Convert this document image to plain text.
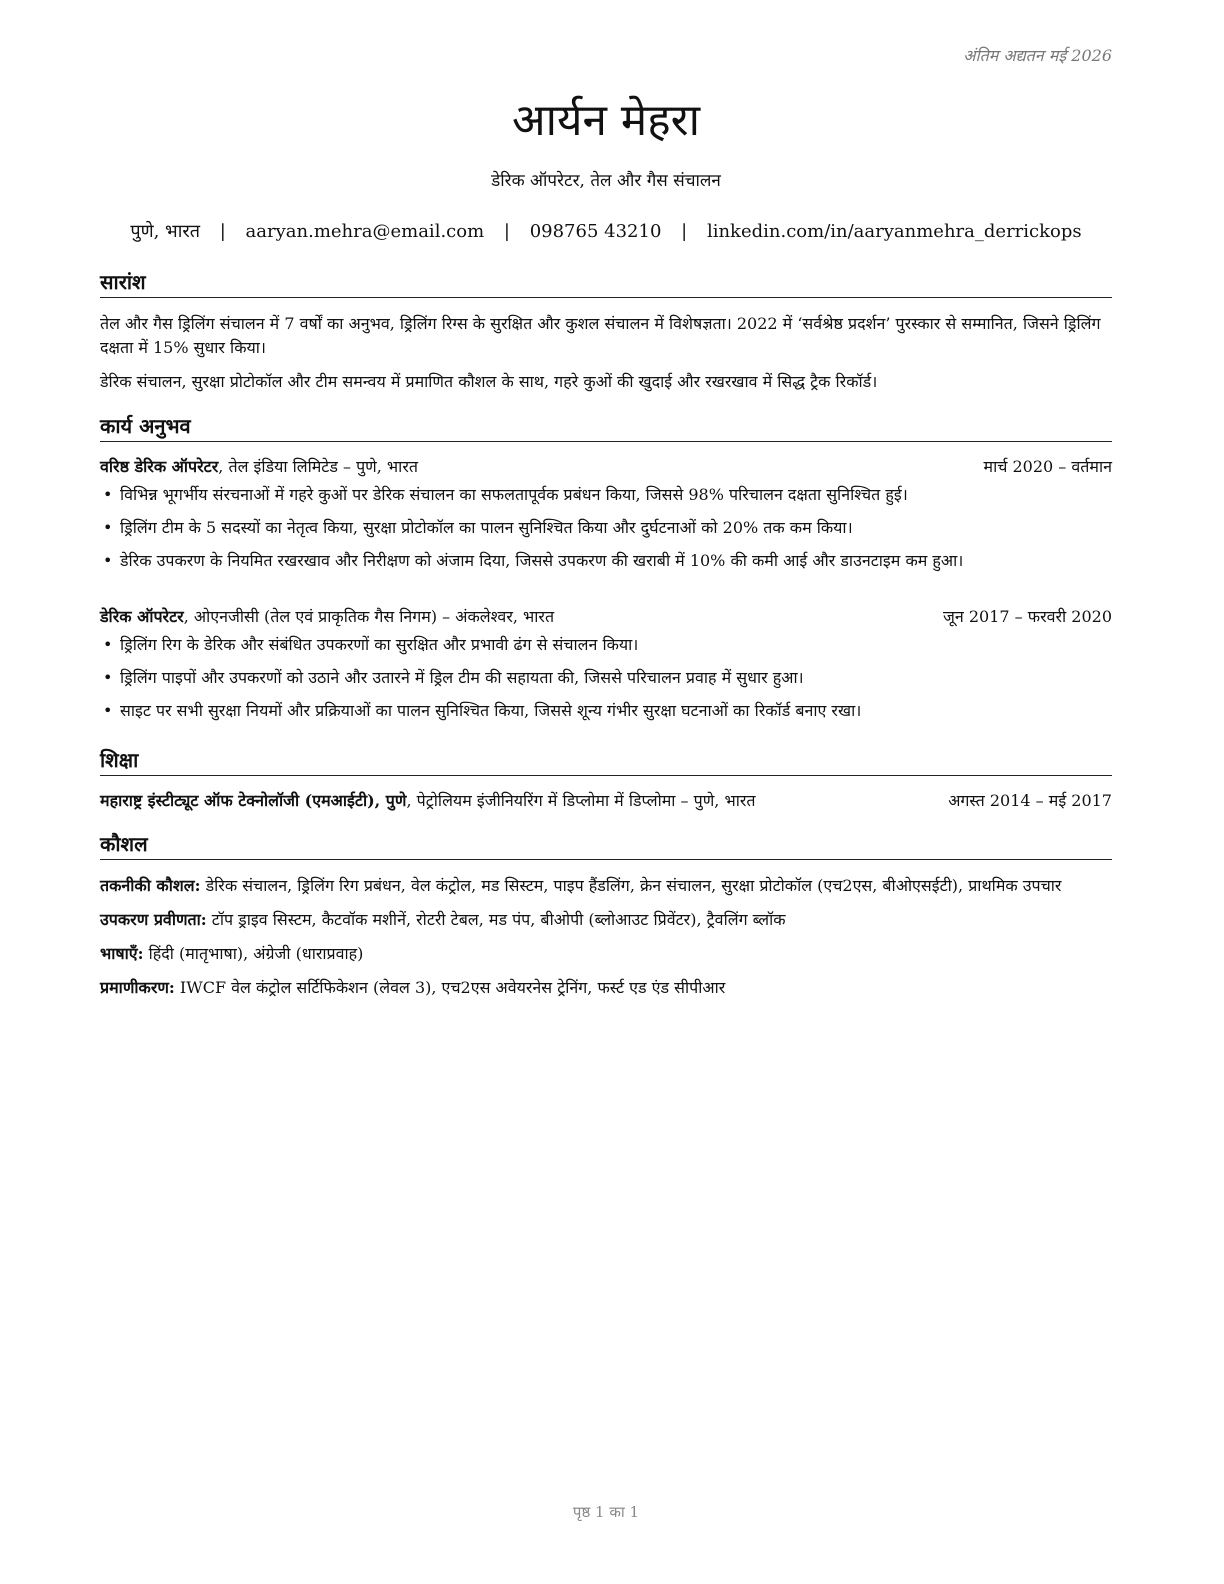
अंतिम अद्यतन मई 2026
आर्यन मेहरा
डेरिक ऑपरेटर, तेल और गैस संचालन
पुणे, भारत | aaryan.mehra@email.com | 098765 43210 | linkedin.com/in/aaryanmehra_derrickops
सारांश

तेल और गैस ड्रिलिंग संचालन में 7 वर्षों का अनुभव, ड्रिलिंग रिग्स के सुरक्षित और कुशल संचालन में विशेषज्ञता। 2022 में ‘सर्वश्रेष्ठ प्रदर्शन’ पुरस्कार से सम्मानित, जिसने ड्रिलिंग दक्षता में 15% सुधार किया।

डेरिक संचालन, सुरक्षा प्रोटोकॉल और टीम समन्वय में प्रमाणित कौशल के साथ, गहरे कुओं की खुदाई और रखरखाव में सिद्ध ट्रैक रिकॉर्ड।

कार्य अनुभव
वरिष्ठ डेरिक ऑपरेटर, तेल इंडिया लिमिटेड – पुणे, भारत	मार्च 2020 – वर्तमान
• विभिन्न भूगर्भीय संरचनाओं में गहरे कुओं पर डेरिक संचालन का सफलतापूर्वक प्रबंधन किया, जिससे 98% परिचालन दक्षता सुनिश्चित हुई।
• ड्रिलिंग टीम के 5 सदस्यों का नेतृत्व किया, सुरक्षा प्रोटोकॉल का पालन सुनिश्चित किया और दुर्घटनाओं को 20% तक कम किया।
• डेरिक उपकरण के नियमित रखरखाव और निरीक्षण को अंजाम दिया, जिससे उपकरण की खराबी में 10% की कमी आई और डाउनटाइम कम हुआ।
डेरिक ऑपरेटर, ओएनजीसी (तेल एवं प्राकृतिक गैस निगम) – अंकलेश्वर, भारत	जून 2017 – फरवरी 2020
• ड्रिलिंग रिग के डेरिक और संबंधित उपकरणों का सुरक्षित और प्रभावी ढंग से संचालन किया।
• ड्रिलिंग पाइपों और उपकरणों को उठाने और उतारने में ड्रिल टीम की सहायता की, जिससे परिचालन प्रवाह में सुधार हुआ।
• साइट पर सभी सुरक्षा नियमों और प्रक्रियाओं का पालन सुनिश्चित किया, जिससे शून्य गंभीर सुरक्षा घटनाओं का रिकॉर्ड बनाए रखा।
शिक्षा
महाराष्ट्र इंस्टीट्यूट ऑफ टेक्नोलॉजी (एमआईटी), पुणे, पेट्रोलियम इंजीनियरिंग में डिप्लोमा में डिप्लोमा – पुणे, भारत	अगस्त 2014 – मई 2017
कौशल

तकनीकी कौशल: डेरिक संचालन, ड्रिलिंग रिग प्रबंधन, वेल कंट्रोल, मड सिस्टम, पाइप हैंडलिंग, क्रेन संचालन, सुरक्षा प्रोटोकॉल (एच2एस, बीओएसईटी), प्राथमिक उपचार

उपकरण प्रवीणता: टॉप ड्राइव सिस्टम, कैटवॉक मशीनें, रोटरी टेबल, मड पंप, बीओपी (ब्लोआउट प्रिवेंटर), ट्रैवलिंग ब्लॉक

भाषाएँ: हिंदी (मातृभाषा), अंग्रेजी (धाराप्रवाह)

प्रमाणीकरण: IWCF वेल कंट्रोल सर्टिफिकेशन (लेवल 3), एच2एस अवेयरनेस ट्रेनिंग, फर्स्ट एड एंड सीपीआर

पृष्ठ 1 का 1
